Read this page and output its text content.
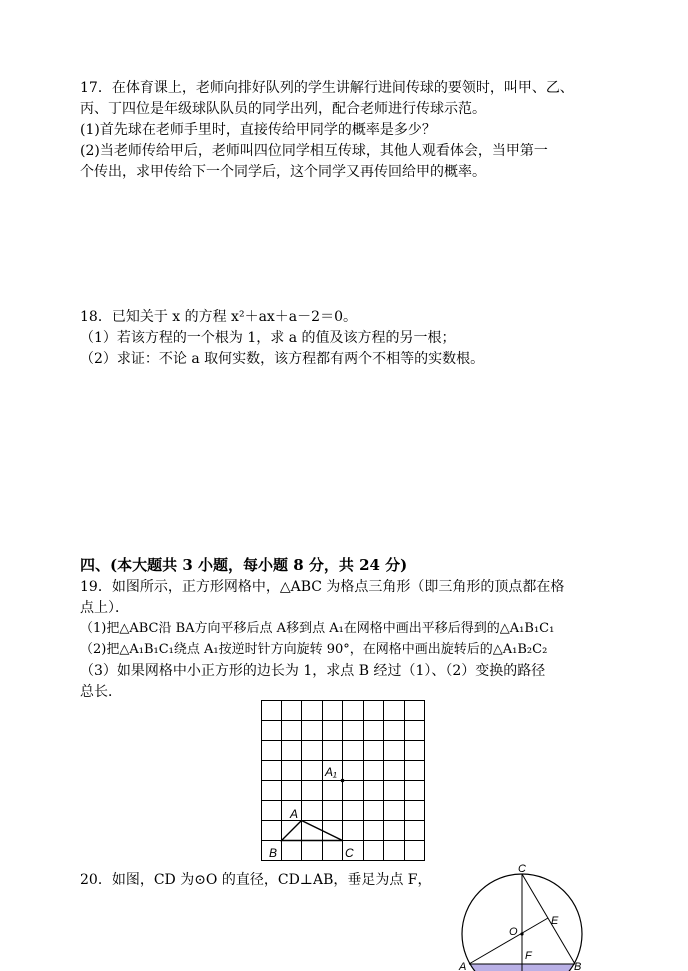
17．在体育课上，老师向排好队列的学生讲解行进间传球的要领时，叫甲、乙、
丙、丁四位是年级球队队员的同学出列，配合老师进行传球示范。
(1)首先球在老师手里时，直接传给甲同学的概率是多少？
(2)当老师传给甲后，老师叫四位同学相互传球，其他人观看体会，当甲第一
个传出，求甲传给下一个同学后，这个同学又再传回给甲的概率。
18．已知关于 x 的方程 x²＋ax＋a－2＝0。
（1）若该方程的一个根为 1，求 a 的值及该方程的另一根；
（2）求证：不论 a 取何实数，该方程都有两个不相等的实数根。
四、(本大题共 3 小题，每小题 8 分，共 24 分)
19．如图所示，正方形网格中，△ABC 为格点三角形（即三角形的顶点都在格
点上）．
（1)把△ABC沿 BA方向平移后点 A移到点 A₁在网格中画出平移后得到的△A₁B₁C₁
（2)把△A₁B₁C₁绕点 A₁按逆时针方向旋转 90°，在网格中画出旋转后的△A₁B₂C₂
（3）如果网格中小正方形的边长为 1，求点 B 经过（1）、（2）变换的路径
总长．
A₁
A
B	C
20．如图，CD 为⊙O 的直径，CD⊥AB，垂足为点 F，
C
O
E
F
A	B
